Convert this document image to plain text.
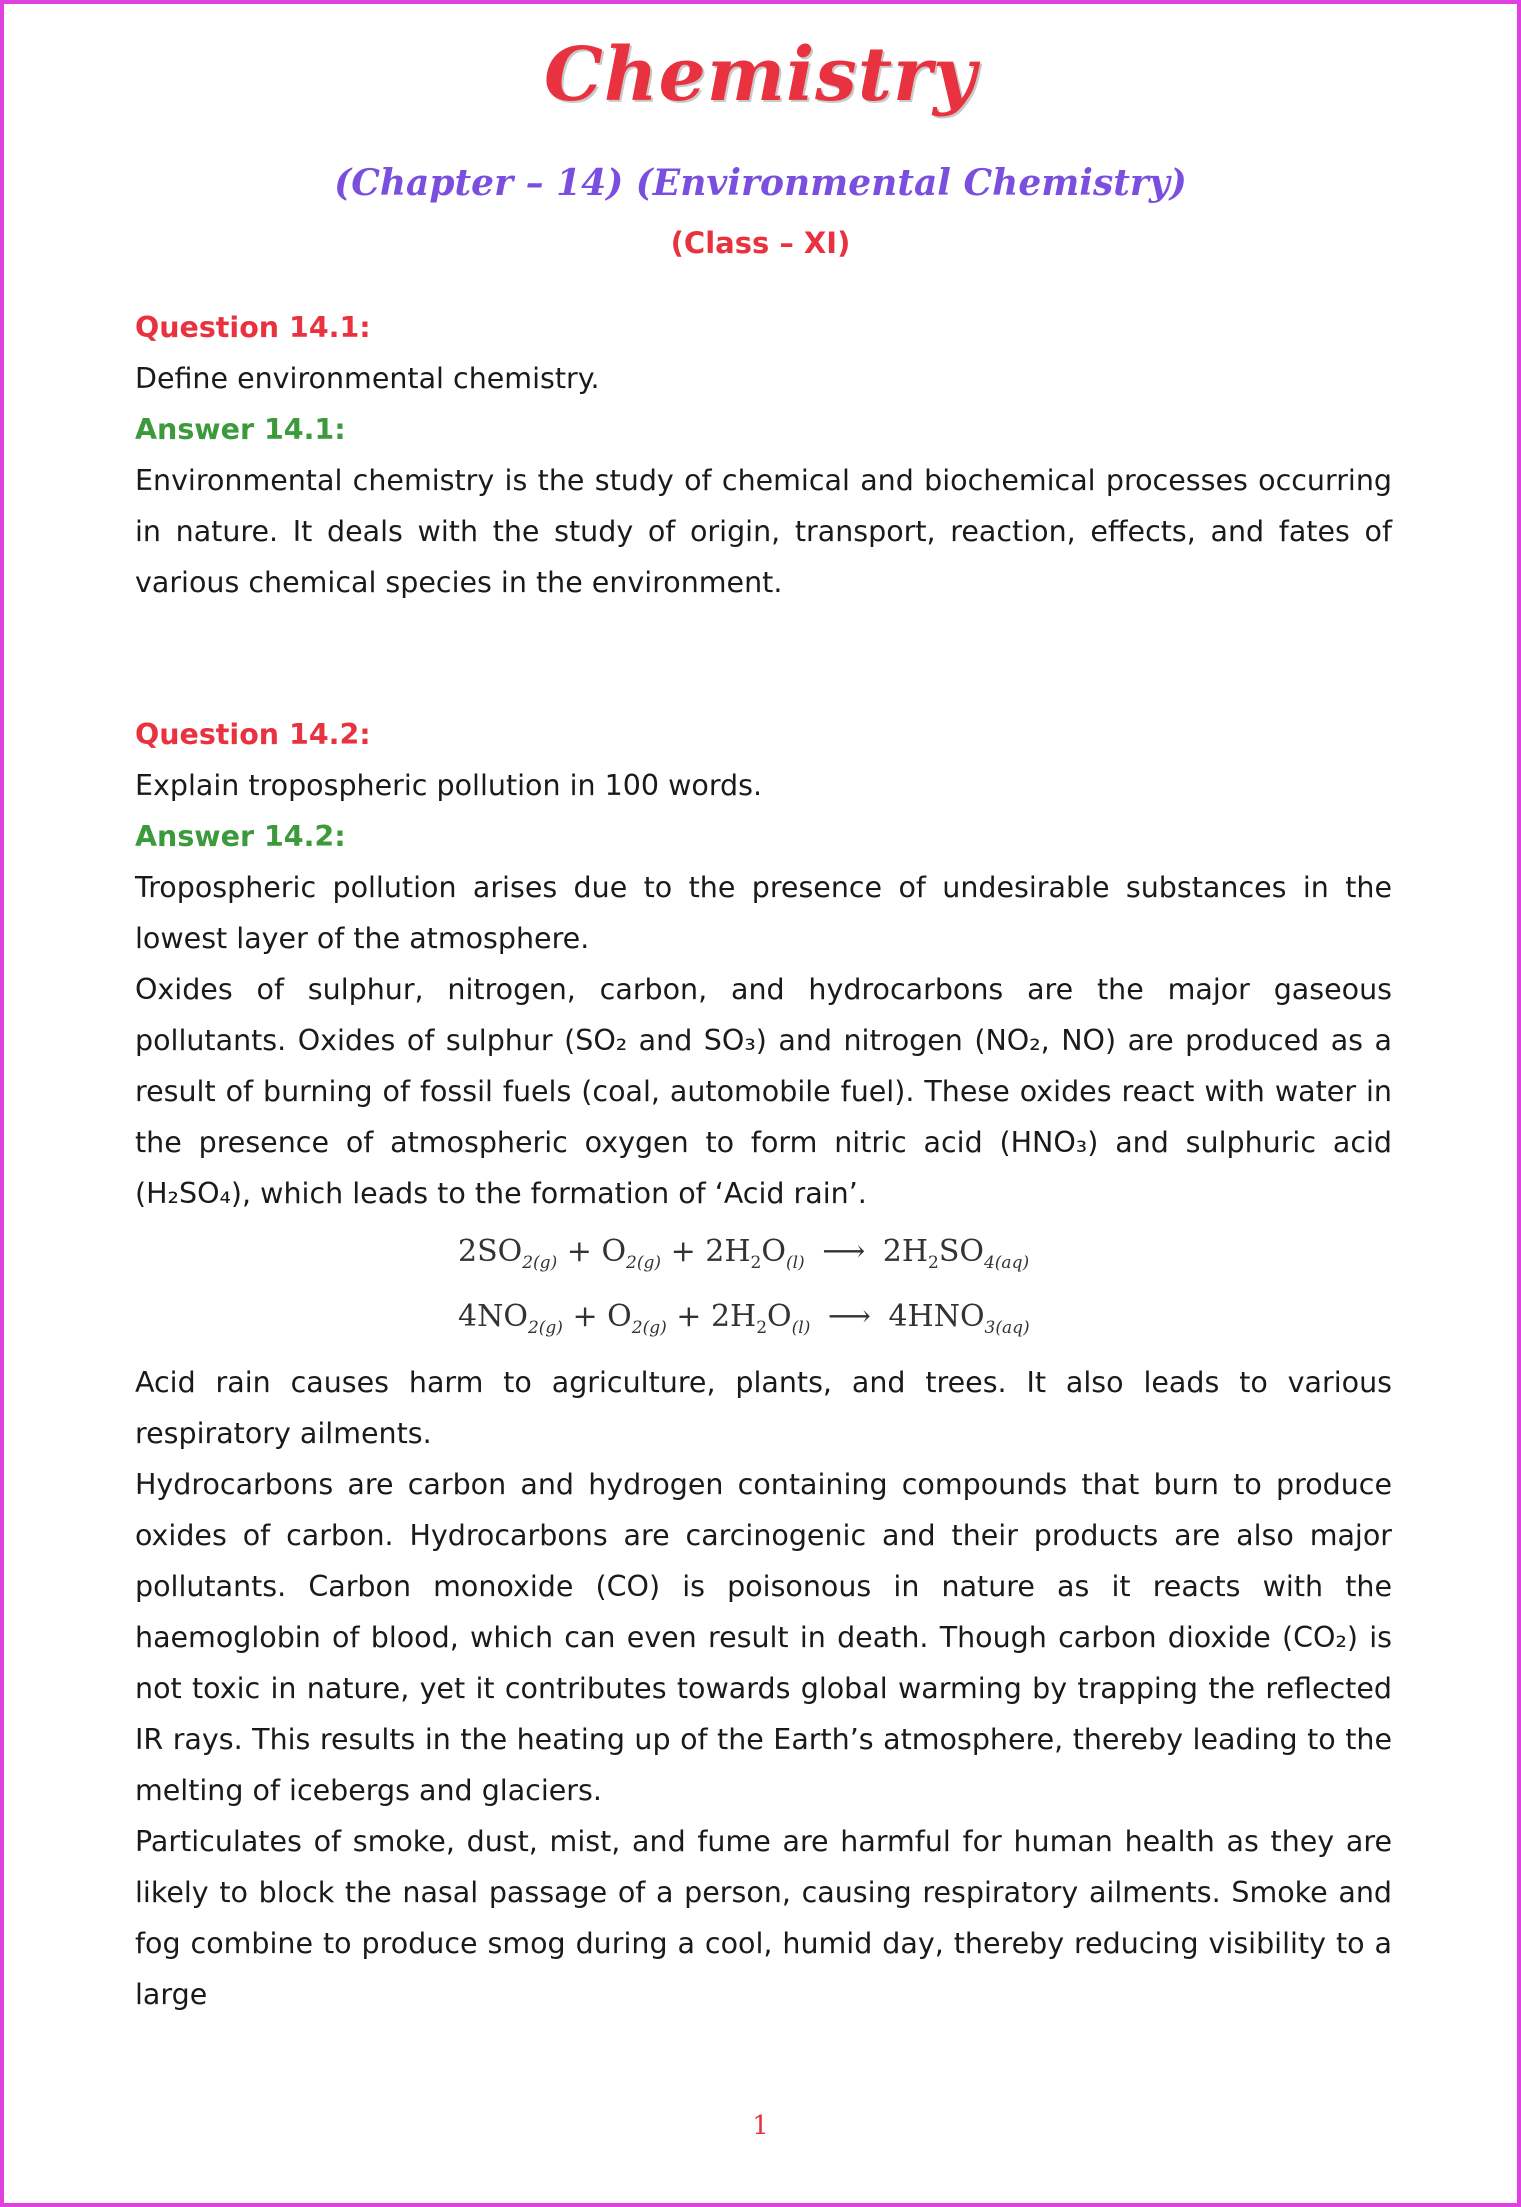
Chemistry
(Chapter – 14) (Environmental Chemistry)
(Class – XI)

Question 14.1:

Define environmental chemistry.

Answer 14.1:

Environmental chemistry is the study of chemical and biochemical processes occurring in nature. It deals with the study of origin, transport, reaction, effects, and fates of various chemical species in the environment.

Question 14.2:

Explain tropospheric pollution in 100 words.

Answer 14.2:

Tropospheric pollution arises due to the presence of undesirable substances in the lowest layer of the atmosphere.

Oxides of sulphur, nitrogen, carbon, and hydrocarbons are the major gaseous pollutants. Oxides of sulphur (SO₂ and SO₃) and nitrogen (NO₂, NO) are produced as a result of burning of fossil fuels (coal, automobile fuel). These oxides react with water in the presence of atmospheric oxygen to form nitric acid (HNO₃) and sulphuric acid (H₂SO₄), which leads to the formation of ‘Acid rain’.

$2SO_{2(g)} + O_{2(g)} + 2H_2O_{(l)}$ ⟶ $2H_2SO_{4(aq)}$
$4NO_{2(g)} + O_{2(g)} + 2H_2O_{(l)}$ ⟶ $4HNO_{3(aq)}$

Acid rain causes harm to agriculture, plants, and trees. It also leads to various respiratory ailments.

Hydrocarbons are carbon and hydrogen containing compounds that burn to produce oxides of carbon. Hydrocarbons are carcinogenic and their products are also major pollutants. Carbon monoxide (CO) is poisonous in nature as it reacts with the haemoglobin of blood, which can even result in death. Though carbon dioxide (CO₂) is not toxic in nature, yet it contributes towards global warming by trapping the reflected IR rays. This results in the heating up of the Earth’s atmosphere, thereby leading to the melting of icebergs and glaciers.

Particulates of smoke, dust, mist, and fume are harmful for human health as they are likely to block the nasal passage of a person, causing respiratory ailments. Smoke and fog combine to produce smog during a cool, humid day, thereby reducing visibility to a large

1
